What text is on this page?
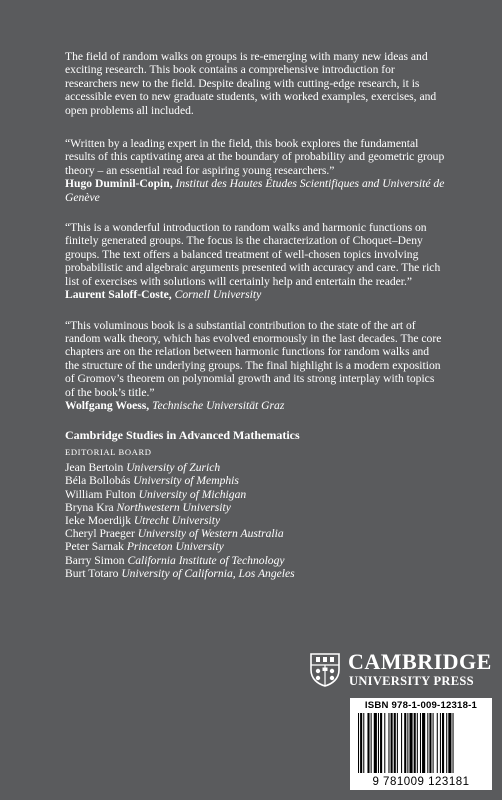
The field of random walks on groups is re-emerging with many new ideas and exciting research. This book contains a comprehensive introduction for researchers new to the field. Despite dealing with cutting-edge research, it is accessible even to new graduate students, with worked examples, exercises, and open problems all included.

“Written by a leading expert in the field, this book explores the fundamental results of this captivating area at the boundary of probability and geometric group theory – an essential read for aspiring young researchers.”

Hugo Duminil-Copin, Institut des Hautes Études Scientifiques and Université de Genève

“This is a wonderful introduction to random walks and harmonic functions on finitely generated groups. The focus is the characterization of Choquet–Deny groups. The text offers a balanced treatment of well-chosen topics involving probabilistic and algebraic arguments presented with accuracy and care. The rich list of exercises with solutions will certainly help and entertain the reader.”

Laurent Saloff-Coste, Cornell University

“This voluminous book is a substantial contribution to the state of the art of random walk theory, which has evolved enormously in the last decades. The core chapters are on the relation between harmonic functions for random walks and the structure of the underlying groups. The final highlight is a modern exposition of Gromov’s theorem on polynomial growth and its strong interplay with topics of the book’s title.”

Wolfgang Woess, Technische Universität Graz

Cambridge Studies in Advanced Mathematics

EDITORIAL BOARD

Jean Bertoin University of Zurich

Béla Bollobás University of Memphis

William Fulton University of Michigan

Bryna Kra Northwestern University

Ieke Moerdijk Utrecht University

Cheryl Praeger University of Western Australia

Peter Sarnak Princeton University

Barry Simon California Institute of Technology

Burt Totaro University of California, Los Angeles

CAMBRIDGE
UNIVERSITY PRESS
ISBN 978-1-009-12318-1
9 781009 123181
